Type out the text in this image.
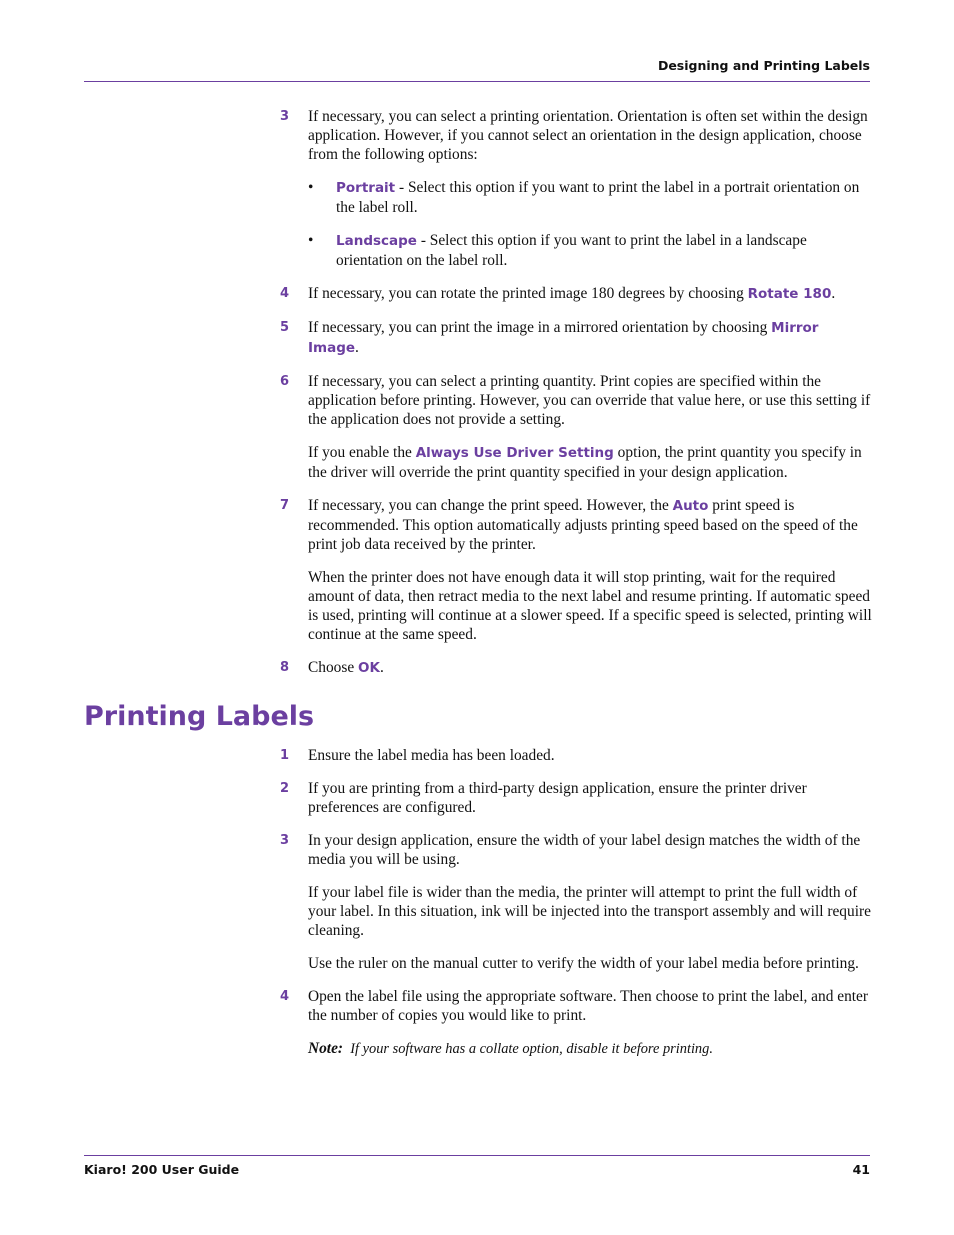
Designing and Printing Labels
3 If necessary, you can select a printing orientation. Orientation is often set within the design application. However, if you cannot select an orientation in the design application, choose from the following options:

• Portrait - Select this option if you want to print the label in a portrait orientation on the label roll.
• Landscape - Select this option if you want to print the label in a landscape orientation on the label roll.
4 If necessary, you can rotate the printed image 180 degrees by choosing Rotate 180.

5 If necessary, you can print the image in a mirrored orientation by choosing Mirror Image.

6 If necessary, you can select a printing quantity. Print copies are specified within the application before printing. However, you can override that value here, or use this setting if the application does not provide a setting.

If you enable the Always Use Driver Setting option, the print quantity you specify in the driver will override the print quantity specified in your design application.

7 If necessary, you can change the print speed. However, the Auto print speed is recommended. This option automatically adjusts printing speed based on the speed of the print job data received by the printer.

When the printer does not have enough data it will stop printing, wait for the required amount of data, then retract media to the next label and resume printing. If automatic speed is used, printing will continue at a slower speed. If a specific speed is selected, printing will continue at the same speed.

8 Choose OK.

Printing Labels
1 Ensure the label media has been loaded.

2 If you are printing from a third-party design application, ensure the printer driver preferences are configured.

3 In your design application, ensure the width of your label design matches the width of the media you will be using.

If your label file is wider than the media, the printer will attempt to print the full width of your label. In this situation, ink will be injected into the transport assembly and will require cleaning.

Use the ruler on the manual cutter to verify the width of your label media before printing.

4 Open the label file using the appropriate software. Then choose to print the label, and enter the number of copies you would like to print.

Note: If your software has a collate option, disable it before printing.

Kiaro! 200 User Guide	41
